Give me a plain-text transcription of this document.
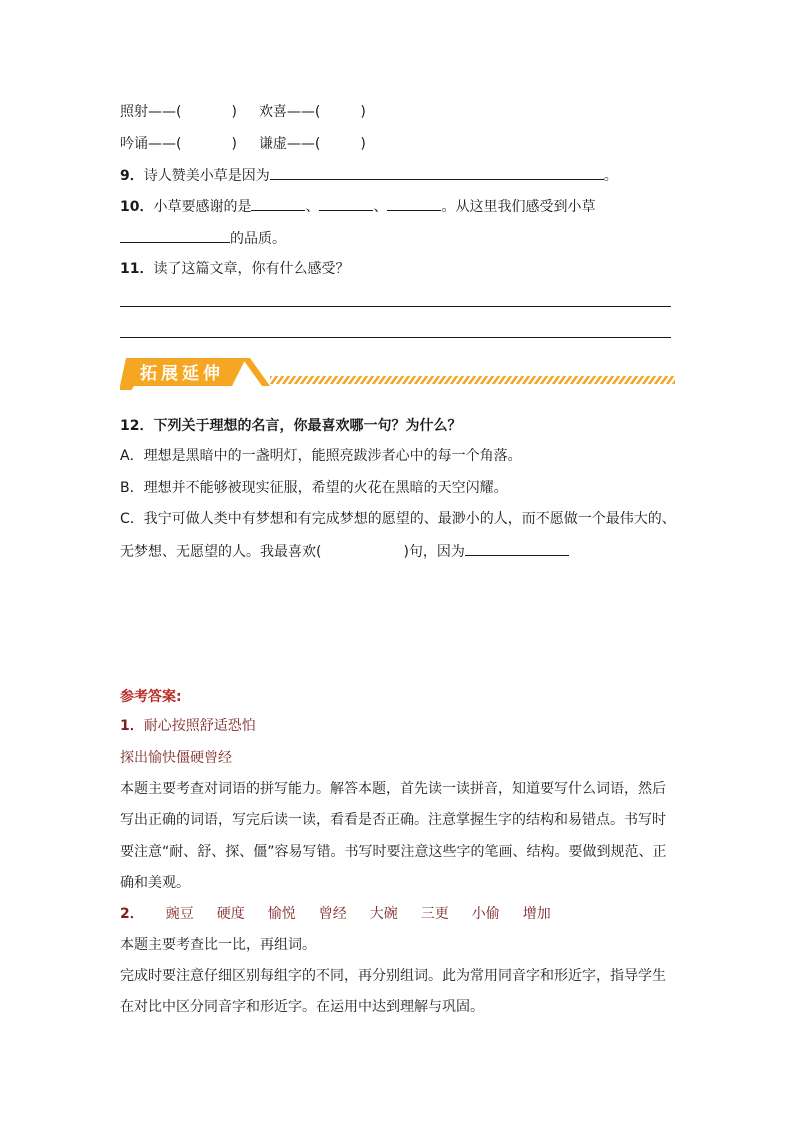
照射——(	) 欢喜——(	)
吟诵——(	) 谦虚——(	)
9．诗人赞美小草是因为	。
10．小草要感谢的是	、	、	。从这里我们感受到小草
的品质。
11．读了这篇文章，你有什么感受？
拓展延伸
12．下列关于理想的名言，你最喜欢哪一句？为什么？
A．理想是黑暗中的一盏明灯，能照亮跋涉者心中的每一个角落。
B．理想并不能够被现实征服，希望的火花在黑暗的天空闪耀。
C．我宁可做人类中有梦想和有完成梦想的愿望的、最渺小的人，而不愿做一个最伟大的、
无梦想、无愿望的人。我最喜欢(	)句，因为
参考答案:
1．耐心按照舒适恐怕
探出愉快僵硬曾经
本题主要考查对词语的拼写能力。解答本题，首先读一读拼音，知道要写什么词语，然后
写出正确的词语，写完后读一读，看看是否正确。注意掌握生字的结构和易错点。书写时
要注意“耐、舒、探、僵”容易写错。书写时要注意这些字的笔画、结构。要做到规范、正
确和美观。
2． 豌豆 硬度 愉悦 曾经 大碗 三更 小偷 增加
本题主要考查比一比，再组词。
完成时要注意仔细区别每组字的不同，再分别组词。此为常用同音字和形近字，指导学生
在对比中区分同音字和形近字。在运用中达到理解与巩固。
